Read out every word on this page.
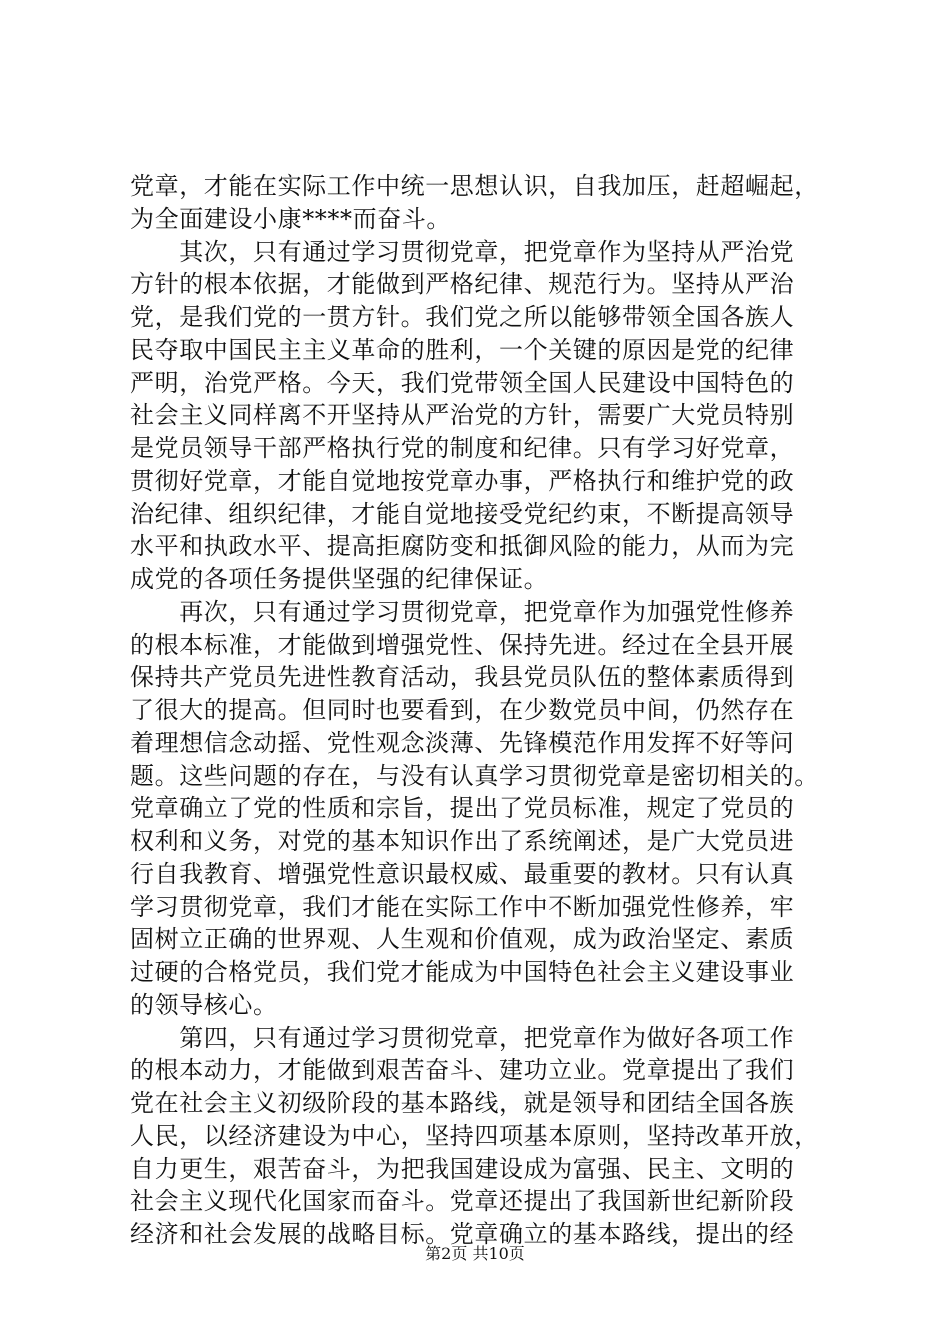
党章，才能在实际工作中统一思想认识，自我加压，赶超崛起，
为全面建设小康****而奋斗。
　　其次，只有通过学习贯彻党章，把党章作为坚持从严治党
方针的根本依据，才能做到严格纪律、规范行为。坚持从严治
党，是我们党的一贯方针。我们党之所以能够带领全国各族人
民夺取中国民主主义革命的胜利，一个关键的原因是党的纪律
严明，治党严格。今天，我们党带领全国人民建设中国特色的
社会主义同样离不开坚持从严治党的方针，需要广大党员特别
是党员领导干部严格执行党的制度和纪律。只有学习好党章，
贯彻好党章，才能自觉地按党章办事，严格执行和维护党的政
治纪律、组织纪律，才能自觉地接受党纪约束，不断提高领导
水平和执政水平、提高拒腐防变和抵御风险的能力，从而为完
成党的各项任务提供坚强的纪律保证。
　　再次，只有通过学习贯彻党章，把党章作为加强党性修养
的根本标准，才能做到增强党性、保持先进。经过在全县开展
保持共产党员先进性教育活动，我县党员队伍的整体素质得到
了很大的提高。但同时也要看到，在少数党员中间，仍然存在
着理想信念动摇、党性观念淡薄、先锋模范作用发挥不好等问
题。这些问题的存在，与没有认真学习贯彻党章是密切相关的。
党章确立了党的性质和宗旨，提出了党员标准，规定了党员的
权利和义务，对党的基本知识作出了系统阐述，是广大党员进
行自我教育、增强党性意识最权威、最重要的教材。只有认真
学习贯彻党章，我们才能在实际工作中不断加强党性修养，牢
固树立正确的世界观、人生观和价值观，成为政治坚定、素质
过硬的合格党员，我们党才能成为中国特色社会主义建设事业
的领导核心。
　　第四，只有通过学习贯彻党章，把党章作为做好各项工作
的根本动力，才能做到艰苦奋斗、建功立业。党章提出了我们
党在社会主义初级阶段的基本路线，就是领导和团结全国各族
人民，以经济建设为中心，坚持四项基本原则，坚持改革开放，
自力更生，艰苦奋斗，为把我国建设成为富强、民主、文明的
社会主义现代化国家而奋斗。党章还提出了我国新世纪新阶段
经济和社会发展的战略目标。党章确立的基本路线，提出的经
第2页 共10页
